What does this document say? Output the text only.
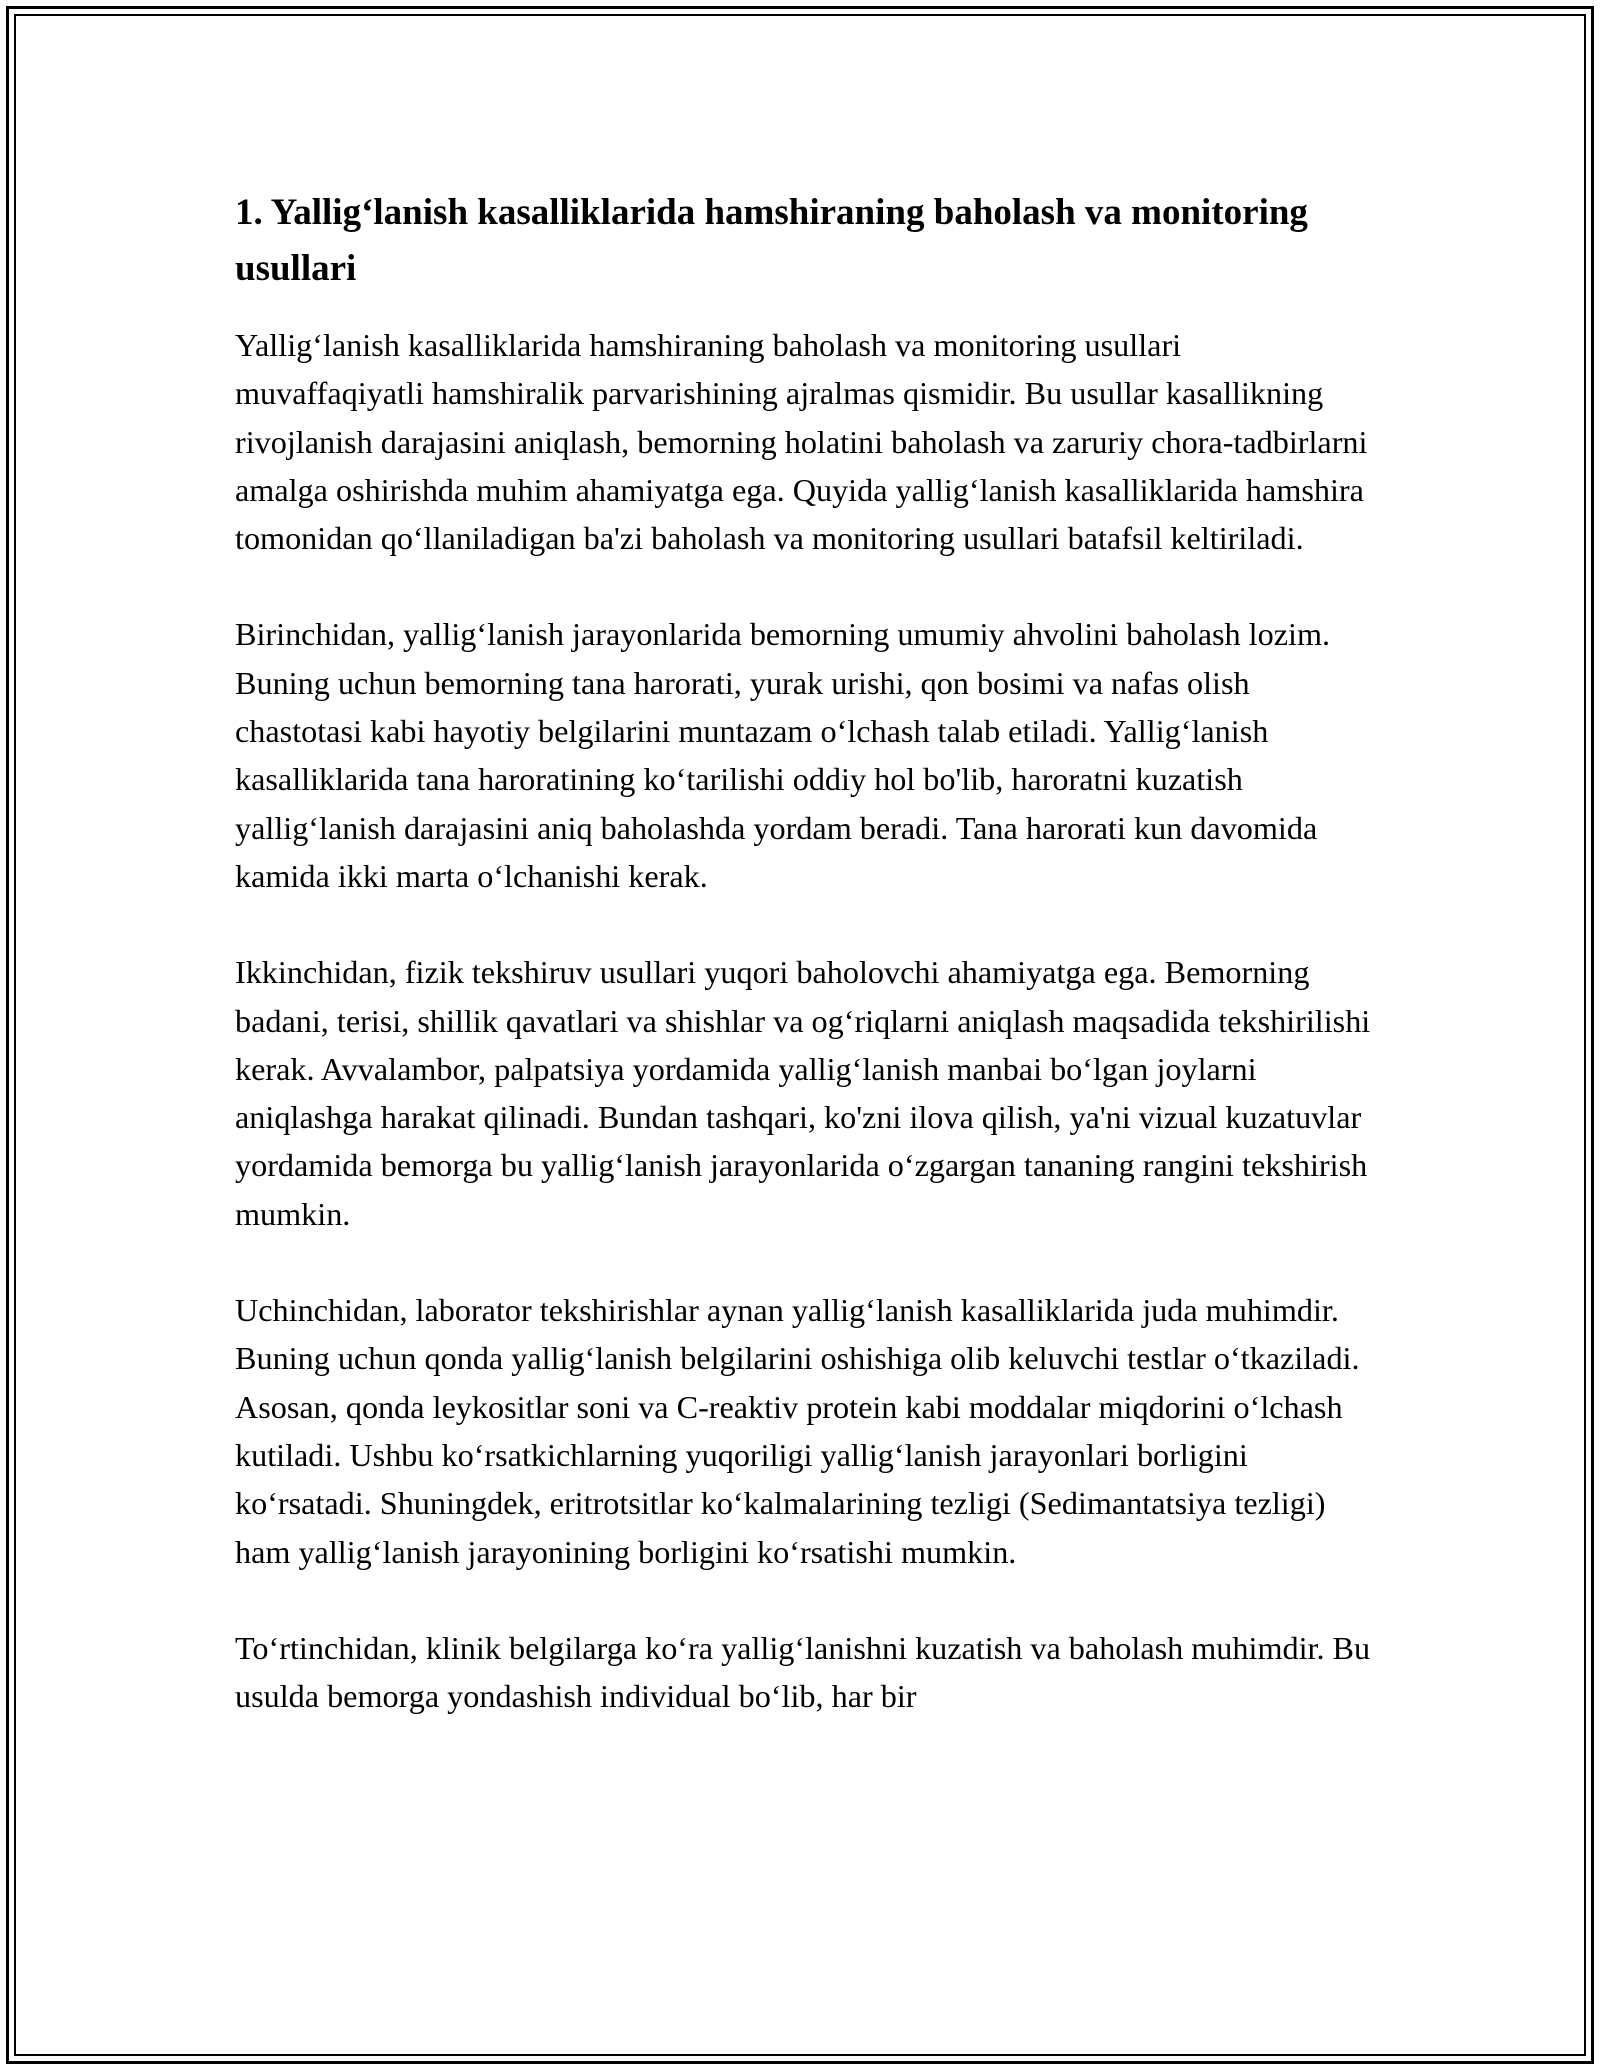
1. Yallig‘lanish kasalliklarida hamshiraning baholash va monitoring usullari

Yallig‘lanish kasalliklarida hamshiraning baholash va monitoring usullari muvaffaqiyatli hamshiralik parvarishining ajralmas qismidir. Bu usullar kasallikning rivojlanish darajasini aniqlash, bemorning holatini baholash va zaruriy chora-tadbirlarni amalga oshirishda muhim ahamiyatga ega. Quyida yallig‘lanish kasalliklarida hamshira tomonidan qo‘llaniladigan ba'zi baholash va monitoring usullari batafsil keltiriladi.

Birinchidan, yallig‘lanish jarayonlarida bemorning umumiy ahvolini baholash lozim. Buning uchun bemorning tana harorati, yurak urishi, qon bosimi va nafas olish chastotasi kabi hayotiy belgilarini muntazam o‘lchash talab etiladi. Yallig‘lanish kasalliklarida tana haroratining ko‘tarilishi oddiy hol bo'lib, haroratni kuzatish yallig‘lanish darajasini aniq baholashda yordam beradi. Tana harorati kun davomida kamida ikki marta o‘lchanishi kerak.

Ikkinchidan, fizik tekshiruv usullari yuqori baholovchi ahamiyatga ega. Bemorning badani, terisi, shillik qavatlari va shishlar va og‘riqlarni aniqlash maqsadida tekshirilishi kerak. Avvalambor, palpatsiya yordamida yallig‘lanish manbai bo‘lgan joylarni aniqlashga harakat qilinadi. Bundan tashqari, ko'zni ilova qilish, ya'ni vizual kuzatuvlar yordamida bemorga bu yallig‘lanish jarayonlarida o‘zgargan tananing rangini tekshirish mumkin.

Uchinchidan, laborator tekshirishlar aynan yallig‘lanish kasalliklarida juda muhimdir. Buning uchun qonda yallig‘lanish belgilarini oshishiga olib keluvchi testlar o‘tkaziladi. Asosan, qonda leykositlar soni va C-reaktiv protein kabi moddalar miqdorini o‘lchash kutiladi. Ushbu ko‘rsatkichlarning yuqoriligi yallig‘lanish jarayonlari borligini ko‘rsatadi. Shuningdek, eritrotsitlar ko‘kalmalarining tezligi (Sedimantatsiya tezligi) ham yallig‘lanish jarayonining borligini ko‘rsatishi mumkin.

To‘rtinchidan, klinik belgilarga ko‘ra yallig‘lanishni kuzatish va baholash muhimdir. Bu usulda bemorga yondashish individual bo‘lib, har bir
